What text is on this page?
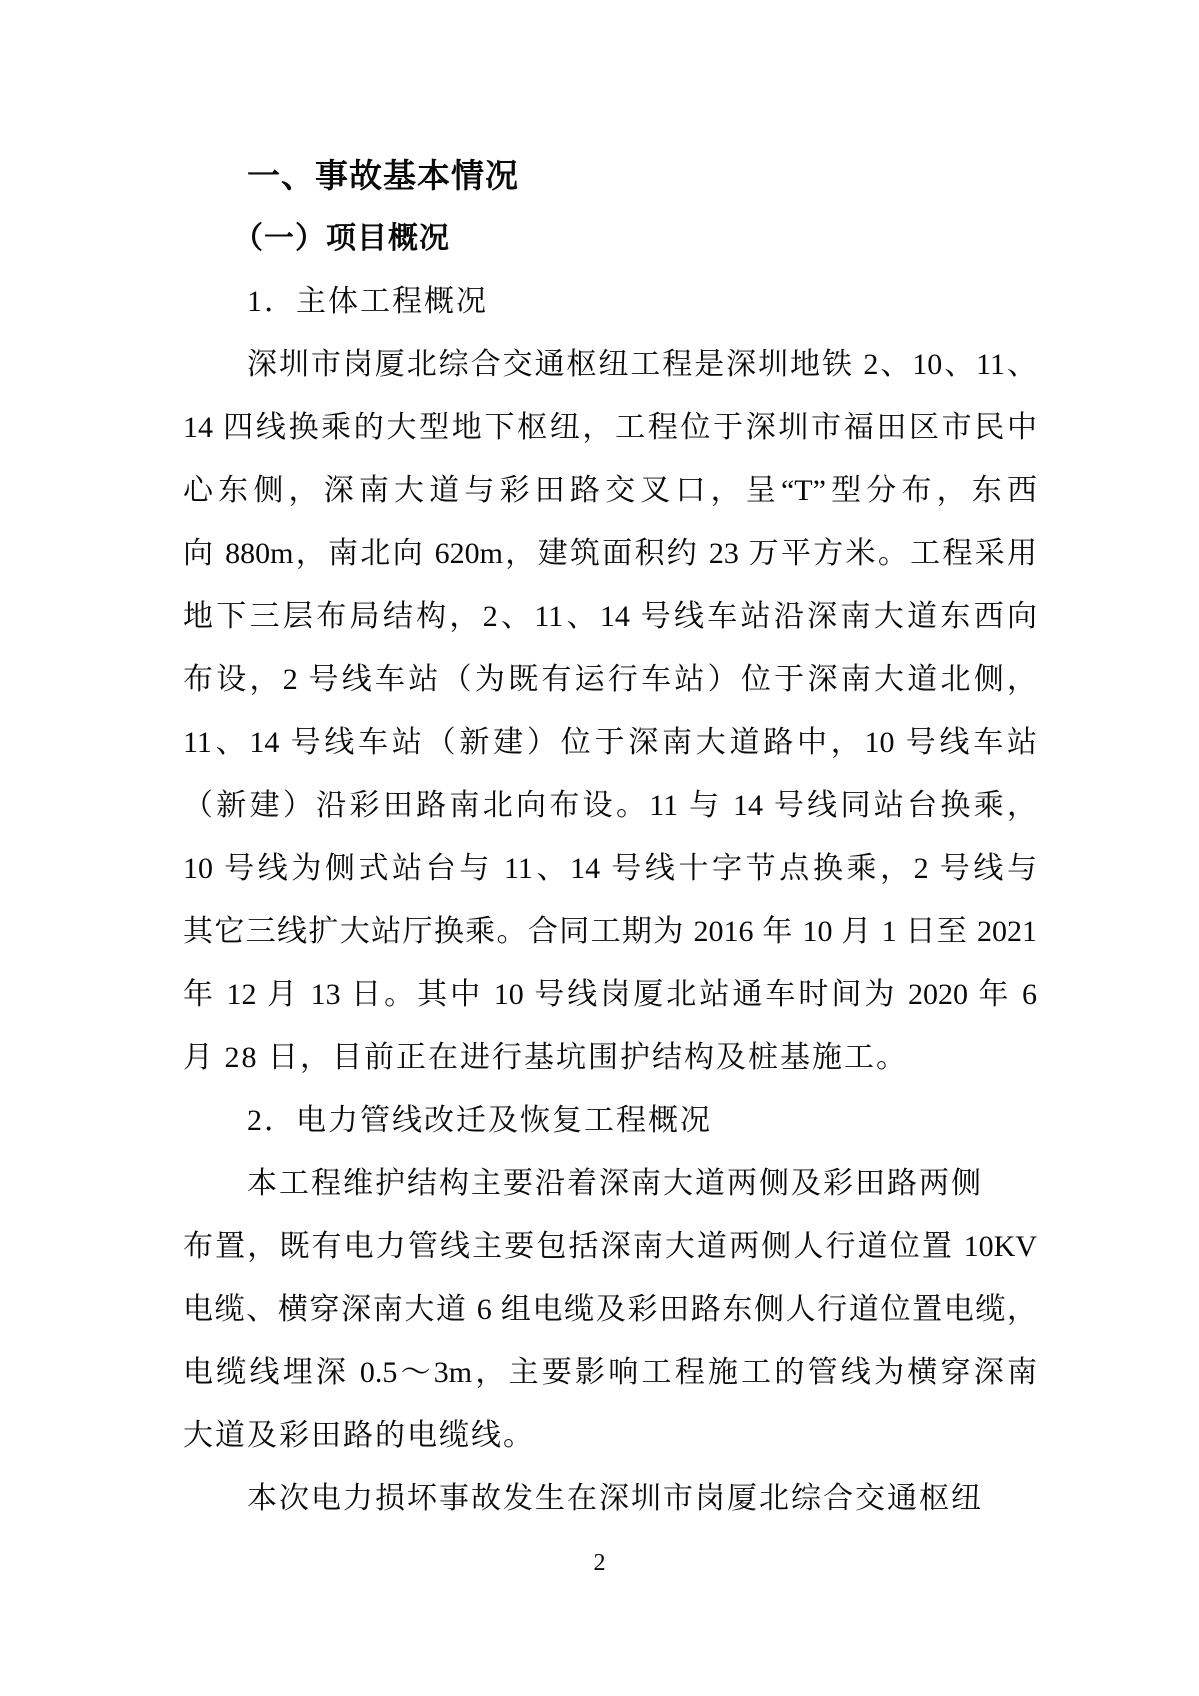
一、事故基本情况
（一）项目概况
1．主体工程概况
深圳市岗厦北综合交通枢纽工程是深圳地铁 2、10、11、
14 四线换乘的大型地下枢纽，工程位于深圳市福田区市民中
心东侧，深南大道与彩田路交叉口，呈“T”型分布，东西
向 880m，南北向 620m，建筑面积约 23 万平方米。工程采用
地下三层布局结构，2、11、14 号线车站沿深南大道东西向
布设，2 号线车站（为既有运行车站）位于深南大道北侧，
11、14 号线车站（新建）位于深南大道路中，10 号线车站
（新建）沿彩田路南北向布设。11 与 14 号线同站台换乘，
10 号线为侧式站台与 11、14 号线十字节点换乘，2 号线与
其它三线扩大站厅换乘。合同工期为 2016 年 10 月 1 日至 2021
年 12 月 13 日。其中 10 号线岗厦北站通车时间为 2020 年 6
月 28 日，目前正在进行基坑围护结构及桩基施工。
2．电力管线改迁及恢复工程概况
本工程维护结构主要沿着深南大道两侧及彩田路两侧
布置，既有电力管线主要包括深南大道两侧人行道位置 10KV
电缆、横穿深南大道 6 组电缆及彩田路东侧人行道位置电缆，
电缆线埋深 0.5～3m，主要影响工程施工的管线为横穿深南
大道及彩田路的电缆线。
本次电力损坏事故发生在深圳市岗厦北综合交通枢纽
2
